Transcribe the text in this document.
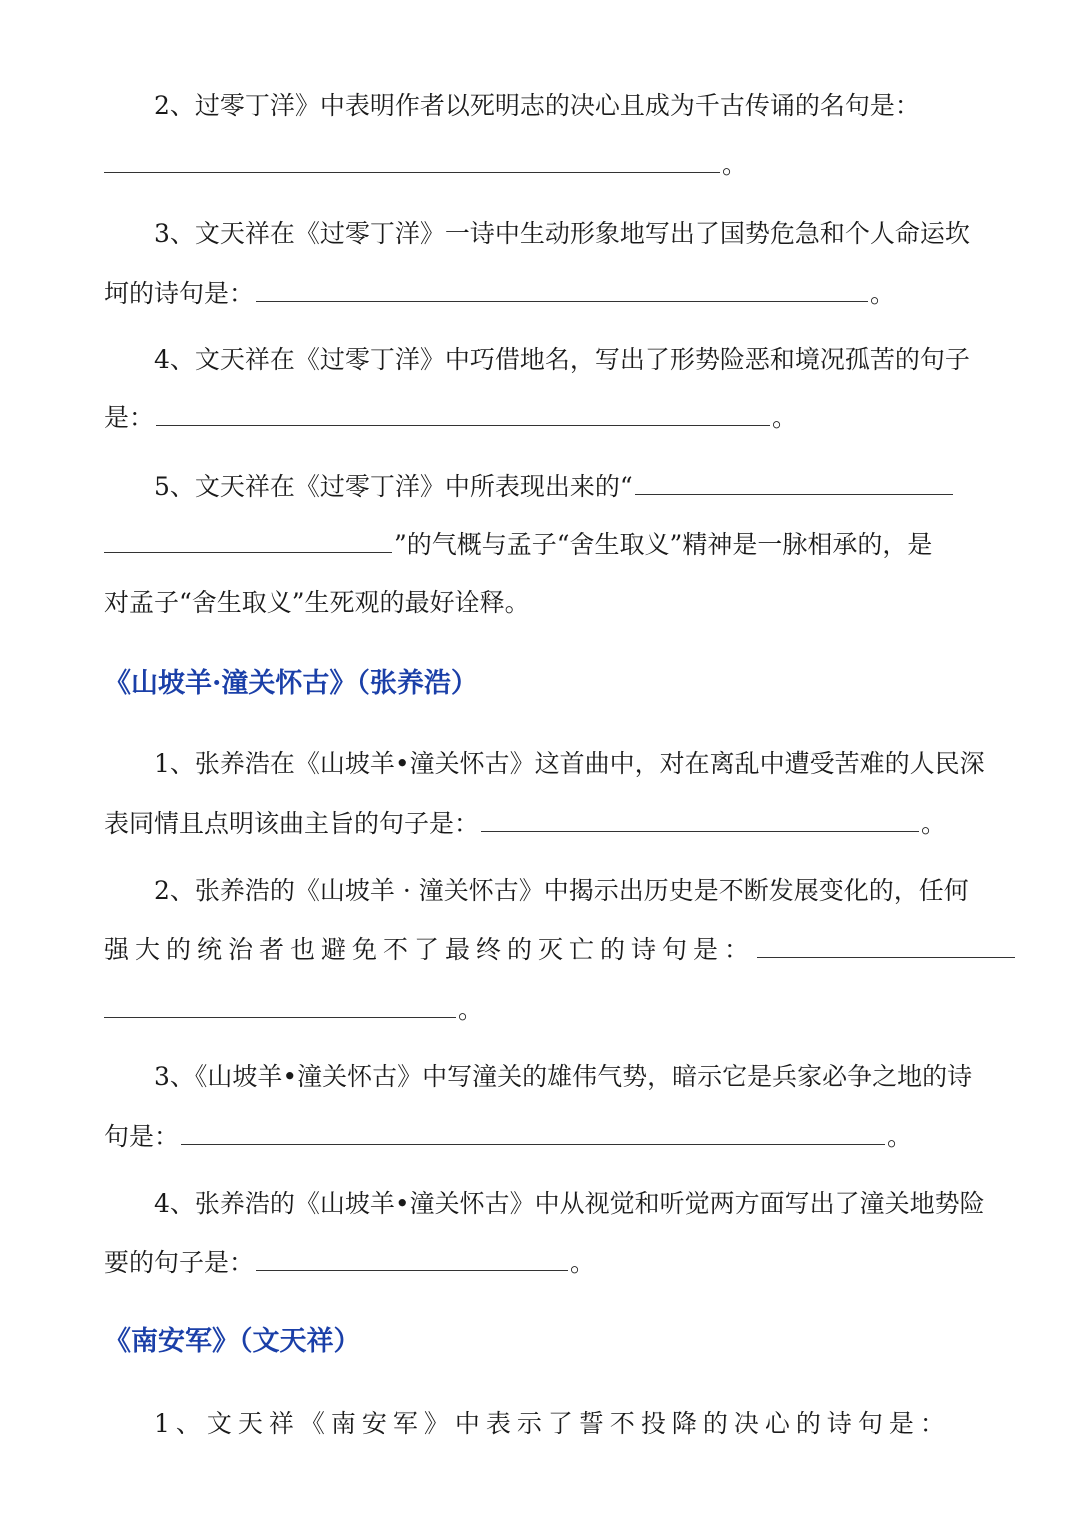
2、过零丁洋》中表明作者以死明志的决心且成为千古传诵的名句是：
。
3、文天祥在《过零丁洋》一诗中生动形象地写出了国势危急和个人命运坎
坷的诗句是：	。
4、文天祥在《过零丁洋》中巧借地名，写出了形势险恶和境况孤苦的句子
是：	。
5、文天祥在《过零丁洋》中所表现出来的“
”的气概与孟子“舍生取义”精神是一脉相承的，是
对孟子“舍生取义”生死观的最好诠释。
《山坡羊·潼关怀古》（张养浩）
1、张养浩在《山坡羊•潼关怀古》这首曲中，对在离乱中遭受苦难的人民深
表同情且点明该曲主旨的句子是：	。
2、张养浩的《山坡羊 · 潼关怀古》中揭示出历史是不断发展变化的，任何
强大的统治者也避免不了最终的灭亡的诗句是：
。
3、《山坡羊•潼关怀古》中写潼关的雄伟气势，暗示它是兵家必争之地的诗
句是：	。
4、张养浩的《山坡羊•潼关怀古》中从视觉和听觉两方面写出了潼关地势险
要的句子是：	。
《南安军》（文天祥）
1、文天祥《南安军》中表示了誓不投降的决心的诗句是：
